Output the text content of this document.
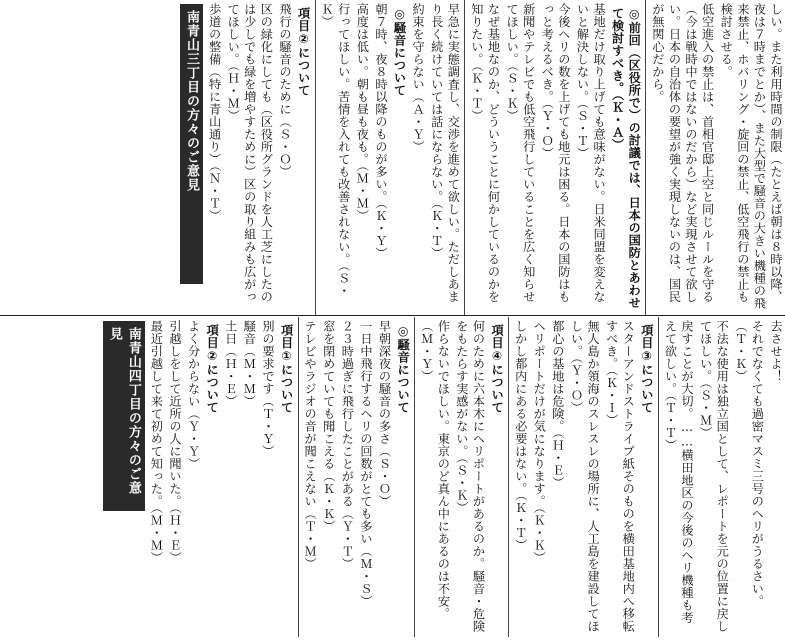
しい。また利用時間の制限（たとえば朝は８時以降、夜は７時までとか）、また大型で騒音の大きい機種の飛来禁止、ホバリング・旋回の禁止、低空飛行の禁止も検討させる。
低空進入の禁止は、首相官邸上空と同じルールを守る（今は戦時中ではないのだから）など実現させて欲しい。日本の自治体の要望が強く実現しないのは、国民が無関心だから。
◎前回（区役所で）の討議では、日本の国防とあわせて検討すべき。（Ｋ・Ａ）
基地だけ取り上げても意味がない。日米同盟を変えないと解決しない。（Ｓ・Ｔ）
今後ヘリの数を上げても地元は困る。日本の国防はもっと考えるべき。（Ｙ・Ｏ）
新聞やテレビでも低空飛行していることを広く知らせてほしい。（Ｓ・Ｋ）
なぜ基地なのか、どういうことに何かしているのかを知りたい。（Ｋ・Ｔ）
早急に実態調査し、交渉を進めて欲しい。ただしあまり長く続けていては話にならない。（Ｋ・Ｔ）
約束を守らない（Ａ・Ｙ）
◎騒音について
朝７時、夜８時以降のものが多い。（Ｋ・Ｙ）
高度は低い。朝も昼も夜も。（Ｍ・Ｍ）
行ってほしい。苦情を入れても改善されない。（Ｓ・Ｋ）
項目②について
飛行の騒音のために（Ｓ・Ｏ）
区の緑化にしても（区役所グランドを人工芝にしたのは少しでも緑を増やすために）区の取り組みも広がってほしい。（Ｈ・Ｍ）
歩道の整備（特に青山通り）（Ｎ・Ｔ）
南青山三丁目の方々のご意見
去させよ！
それでなくても過密マスミ三号のヘリがうるさい。（Ｔ・Ｋ）
不法な使用は独立国として、レポートを元の位置に戻してほしい。（Ｓ・Ｍ）
戻すことが大切。……横田地区の今後のヘリ機種も考えて欲しい。（Ｔ・Ｔ）
項目③について
スターアンドストライプ紙そのものを横田基地内へ移転すべき。（Ｋ・Ｉ）
無人島か領海のスレスレの場所に、人工島を建設してほしい。（Ｙ・Ｏ）
都心の基地は危険。（Ｈ・Ｅ）
ヘリポートだけが気になります。（Ｋ・Ｋ）
しかし都内にある必要はない。（Ｋ・Ｔ）
項目④について
何のために六本木にヘリポートがあるのか。騒音・危険をもたらす実感がない。（Ｓ・Ｋ）
作らないでほしい。東京のど真ん中にあるのは不安。（Ｍ・Ｙ）
◎騒音について
早朝深夜の騒音の多さ（Ｓ・Ｏ）
一日中飛行するヘリの回数がとても多い（Ｍ・Ｓ）
２３時過ぎに飛行したことがある（Ｙ・Ｔ）
窓を閉めていても聞こえる（Ｋ・Ｋ）
テレビやラジオの音が聞こえない（Ｔ・Ｍ）
項目①について
別の要求です（Ｔ・Ｙ）
騒音（Ｍ・Ｍ）
土日（Ｈ・Ｅ）
項目②について
よく分からない（Ｙ・Ｙ）
引越しをして近所の人に聞いた。（Ｈ・Ｅ）
最近引越して来て初めて知った。（Ｍ・Ｍ）
南青山四丁目の方々のご意見
